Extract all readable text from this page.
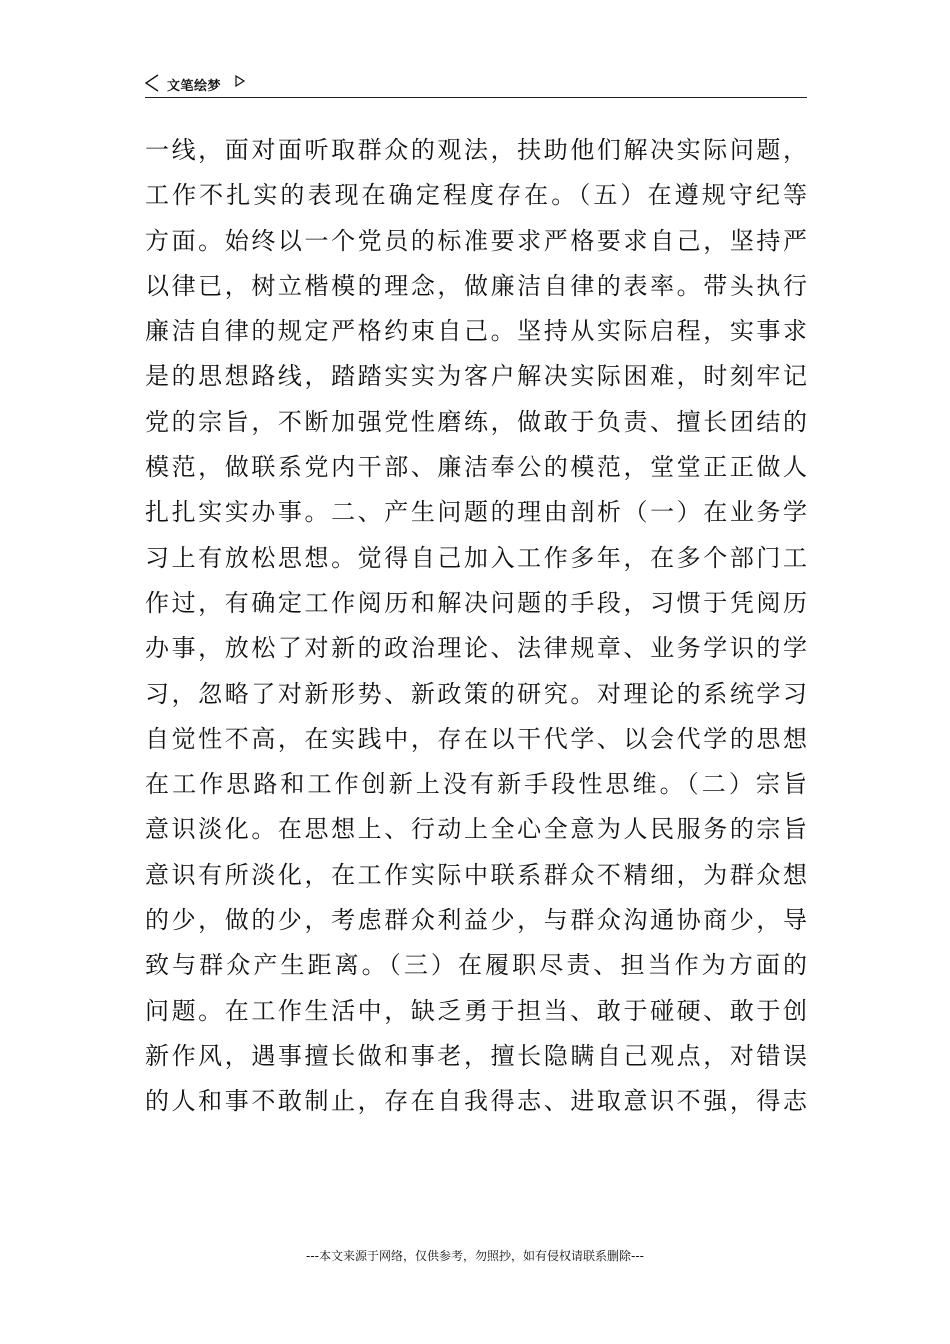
文笔绘梦
一线，面对面听取群众的观法，扶助他们解决实际问题，
工作不扎实的表现在确定程度存在。（五）在遵规守纪等
方面。始终以一个党员的标准要求严格要求自己，坚持严
以律已，树立楷模的理念，做廉洁自律的表率。带头执行
廉洁自律的规定严格约束自己。坚持从实际启程，实事求
是的思想路线，踏踏实实为客户解决实际困难，时刻牢记
党的宗旨，不断加强党性磨练，做敢于负责、擅长团结的
模范，做联系党内干部、廉洁奉公的模范，堂堂正正做人
扎扎实实办事。二、产生问题的理由剖析（一）在业务学
习上有放松思想。觉得自己加入工作多年，在多个部门工
作过，有确定工作阅历和解决问题的手段，习惯于凭阅历
办事，放松了对新的政治理论、法律规章、业务学识的学
习，忽略了对新形势、新政策的研究。对理论的系统学习
自觉性不高，在实践中，存在以干代学、以会代学的思想
在工作思路和工作创新上没有新手段性思维。（二）宗旨
意识淡化。在思想上、行动上全心全意为人民服务的宗旨
意识有所淡化，在工作实际中联系群众不精细，为群众想
的少，做的少，考虑群众利益少，与群众沟通协商少，导
致与群众产生距离。（三）在履职尽责、担当作为方面的
问题。在工作生活中，缺乏勇于担当、敢于碰硬、敢于创
新作风，遇事擅长做和事老，擅长隐瞒自己观点，对错误
的人和事不敢制止，存在自我得志、进取意识不强，得志
---本文来源于网络，仅供参考，勿照抄，如有侵权请联系删除---
